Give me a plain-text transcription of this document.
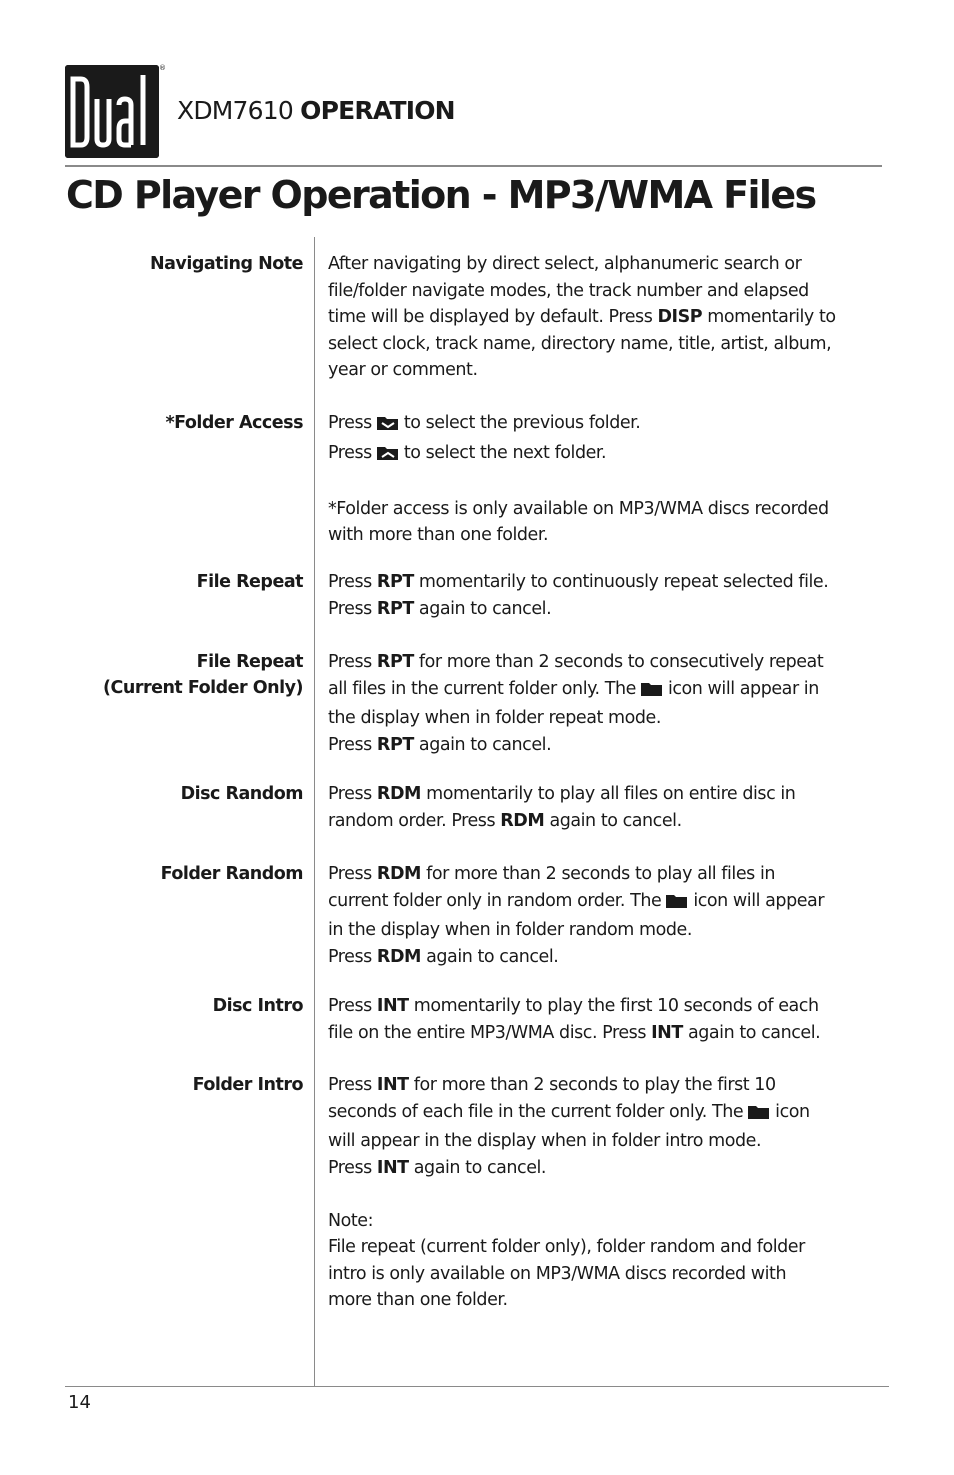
®
XDM7610 OPERATION
CD Player Operation - MP3/WMA Files
Navigating Note After navigating by direct select, alphanumeric search or
file/folder navigate modes, the track number and elapsed
time will be displayed by default. Press DISP momentarily to
select clock, track name, directory name, title, artist, album,
year or comment.
*Folder Access Press to select the previous folder.
Press to select the next folder.

*Folder access is only available on MP3/WMA discs recorded
with more than one folder.
File Repeat Press RPT momentarily to continuously repeat selected file.
Press RPT again to cancel.
File Repeat
(Current Folder Only)
Press RPT for more than 2 seconds to consecutively repeat
all files in the current folder only. The icon will appear in
the display when in folder repeat mode.
Press RPT again to cancel.
Disc Random Press RDM momentarily to play all files on entire disc in
random order. Press RDM again to cancel.
Folder Random Press RDM for more than 2 seconds to play all files in
current folder only in random order. The icon will appear
in the display when in folder random mode.
Press RDM again to cancel.
Disc Intro Press INT momentarily to play the first 10 seconds of each
file on the entire MP3/WMA disc. Press INT again to cancel.
Folder Intro Press INT for more than 2 seconds to play the first 10
seconds of each file in the current folder only. The icon
will appear in the display when in folder intro mode.
Press INT again to cancel.

Note:
File repeat (current folder only), folder random and folder
intro is only available on MP3/WMA discs recorded with
more than one folder.
14
